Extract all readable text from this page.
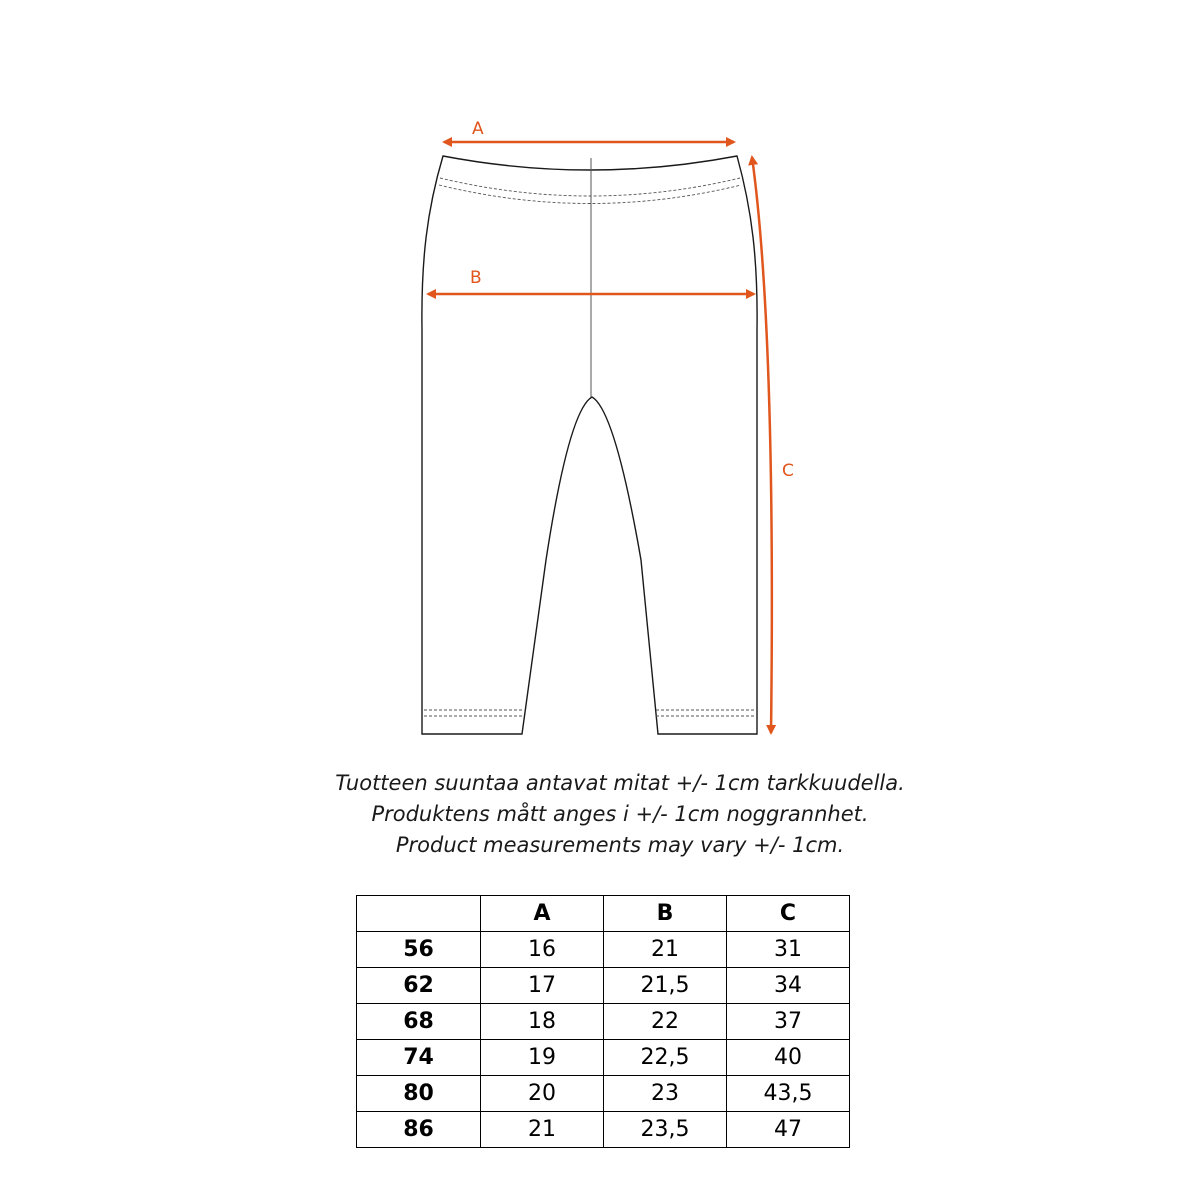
A
B
C
Tuotteen suuntaa antavat mitat +/- 1cm tarkkuudella.
Produktens mått anges i +/- 1cm noggrannhet.
Product measurements may vary +/- 1cm.
	A	B	C
56	16	21	31
62	17	21,5	34
68	18	22	37
74	19	22,5	40
80	20	23	43,5
86	21	23,5	47
